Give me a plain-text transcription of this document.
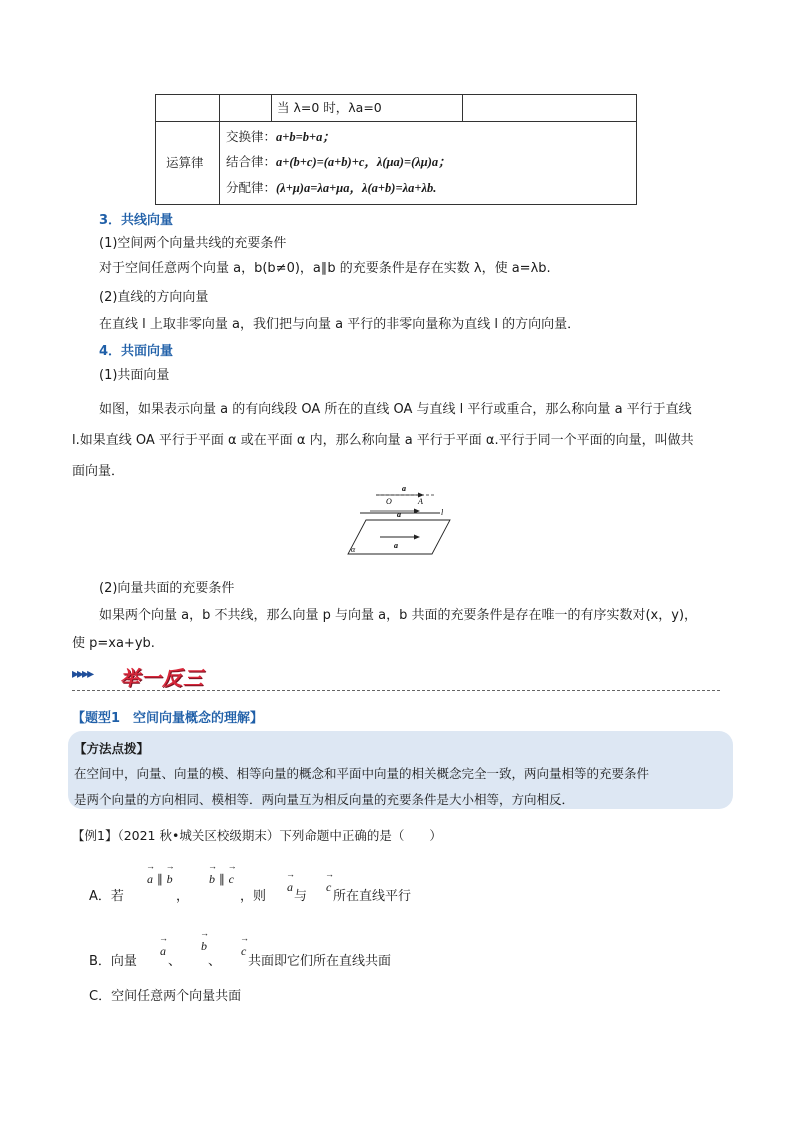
当 λ=0 时，λa=0
运算律
交换律：a+b=b+a；
结合律：a+(b+c)=(a+b)+c，λ(μa)=(λμ)a；
分配律：(λ+μ)a=λa+μa，λ(a+b)=λa+λb.
3．共线向量
(1)空间两个向量共线的充要条件
对于空间任意两个向量 a，b(b≠0)，a∥b 的充要条件是存在实数 λ，使 a=λb.
(2)直线的方向向量
在直线 l 上取非零向量 a，我们把与向量 a 平行的非零向量称为直线 l 的方向向量．
4．共面向量
(1)共面向量
如图，如果表示向量 a 的有向线段 OA 所在的直线 OA 与直线 l 平行或重合，那么称向量 a 平行于直线
l.如果直线 OA 平行于平面 α 或在平面 α 内，那么称向量 a 平行于平面 α.平行于同一个平面的向量，叫做共
面向量．
a
O	A
a	l
a
α
(2)向量共面的充要条件
如果两个向量 a，b 不共线，那么向量 p 与向量 a，b 共面的充要条件是存在唯一的有序实数对(x，y)，
使 p=xa+yb.
▸▸▸▸ 举一反三
【题型1　空间向量概念的理解】
【方法点拨】
在空间中，向量、向量的模、相等向量的概念和平面中向量的相关概念完全一致，两向量相等的充要条件
是两个向量的方向相同、模相等．两向量互为相反向量的充要条件是大小相等，方向相反．
【例1】（2021 秋•城关区校级期末）下列命题中正确的是（　　）
A．若
→ a ∥ → b
，
→ b ∥ → c
，则
→ a
与
→ c
所在直线平行
B．向量
→ a
、
→ b
、
→ c
共面即它们所在直线共面
C．空间任意两个向量共面
